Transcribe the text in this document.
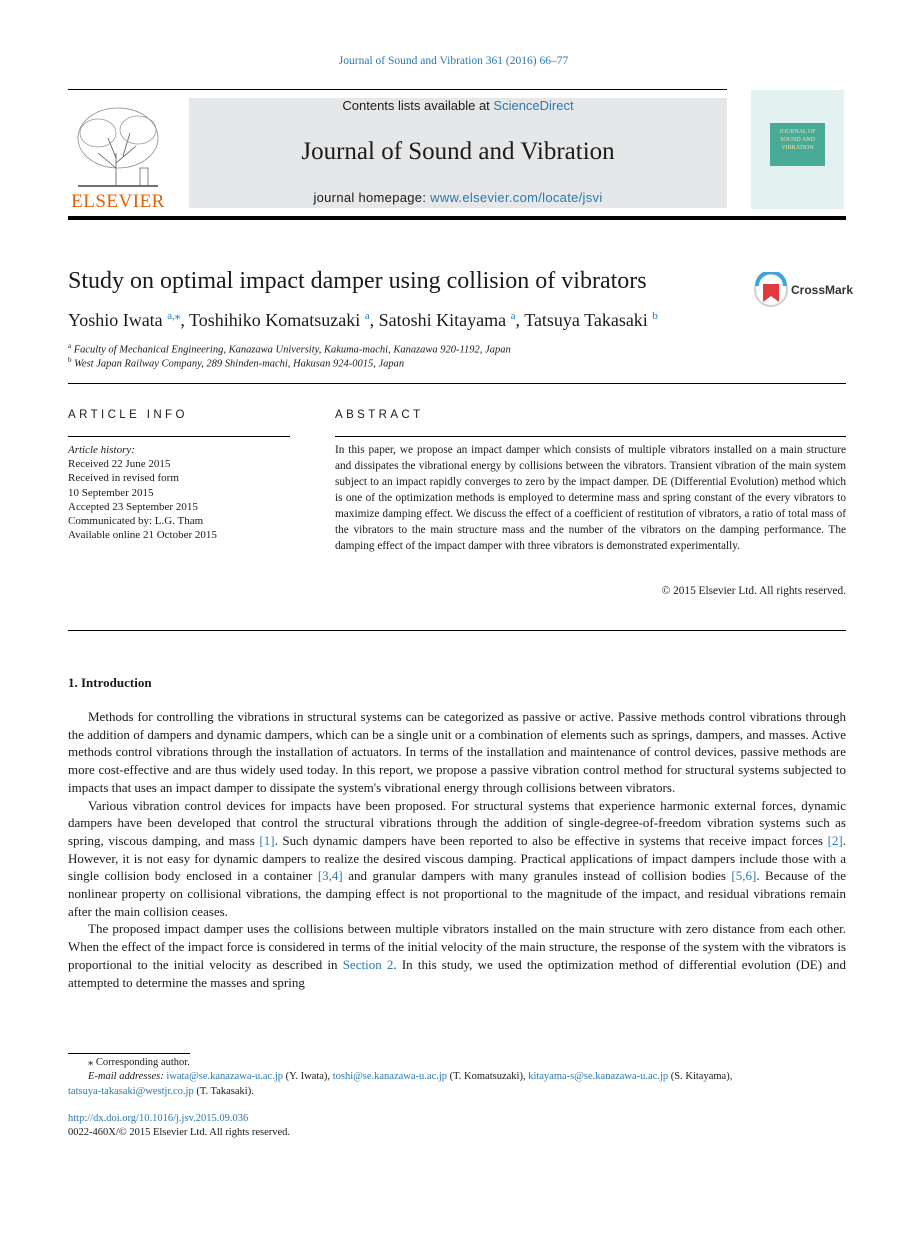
Journal of Sound and Vibration 361 (2016) 66–77
ELSEVIER
Contents lists available at ScienceDirect
Journal of Sound and Vibration
journal homepage: www.elsevier.com/locate/jsvi
JOURNAL OF SOUND AND VIBRATION
Study on optimal impact damper using collision of vibrators	CrossMark
Yoshio Iwata $^{a,⁎}$, Toshihiko Komatsuzaki $^a$, Satoshi Kitayama $^a$, Tatsuya Takasaki $^b$
$^a$ Faculty of Mechanical Engineering, Kanazawa University, Kakuma-machi, Kanazawa 920-1192, Japan
$^b$ West Japan Railway Company, 289 Shinden-machi, Hakusan 924-0015, Japan
ARTICLE INFO
Article history:
Received 22 June 2015
Received in revised form
10 September 2015
Accepted 23 September 2015
Communicated by: L.G. Tham
Available online 21 October 2015
ABSTRACT
In this paper, we propose an impact damper which consists of multiple vibrators installed on a main structure and dissipates the vibrational energy by collisions between the vibrators. Transient vibration of the main system subject to an impact rapidly converges to zero by the impact damper. DE (Differential Evolution) method which is one of the optimization methods is employed to determine mass and spring constant of the every vibrators to maximize damping effect. We discuss the effect of a coefficient of restitution of vibrators, a ratio of total mass of the vibrators to the main structure mass and the number of the vibrators on the damping performance. The damping effect of the impact damper with three vibrators is demonstrated experimentally.
© 2015 Elsevier Ltd. All rights reserved.
1. Introduction

Methods for controlling the vibrations in structural systems can be categorized as passive or active. Passive methods control vibrations through the addition of dampers and dynamic dampers, which can be a single unit or a combination of elements such as springs, dampers, and masses. Active methods control vibrations through the installation of actuators. In terms of the installation and maintenance of control devices, passive methods are more cost-effective and are thus widely used today. In this report, we propose a passive vibration control method for structural systems subjected to impacts that uses an impact damper to dissipate the system's vibrational energy through collisions between vibrators.

Various vibration control devices for impacts have been proposed. For structural systems that experience harmonic external forces, dynamic dampers have been developed that control the structural vibrations through the addition of single-degree-of-freedom vibration systems such as spring, viscous damping, and mass [1]. Such dynamic dampers have been reported to also be effective in systems that receive impact forces [2]. However, it is not easy for dynamic dampers to realize the desired viscous damping. Practical applications of impact dampers include those with a single collision body enclosed in a container [3,4] and granular dampers with many granules instead of collision bodies [5,6]. Because of the nonlinear property on collisional vibrations, the damping effect is not proportional to the magnitude of the impact, and residual vibrations remain after the main collision ceases.

The proposed impact damper uses the collisions between multiple vibrators installed on the main structure with zero distance from each other. When the effect of the impact force is considered in terms of the initial velocity of the main structure, the response of the system with the vibrators is proportional to the initial velocity as described in Section 2. In this study, we used the optimization method of differential evolution (DE) and attempted to determine the masses and spring

⁎ Corresponding author.
E-mail addresses: iwata@se.kanazawa-u.ac.jp (Y. Iwata), toshi@se.kanazawa-u.ac.jp (T. Komatsuzaki), kitayama-s@se.kanazawa-u.ac.jp (S. Kitayama),
tatsuya-takasaki@westjr.co.jp (T. Takasaki).
http://dx.doi.org/10.1016/j.jsv.2015.09.036
0022-460X/© 2015 Elsevier Ltd. All rights reserved.
